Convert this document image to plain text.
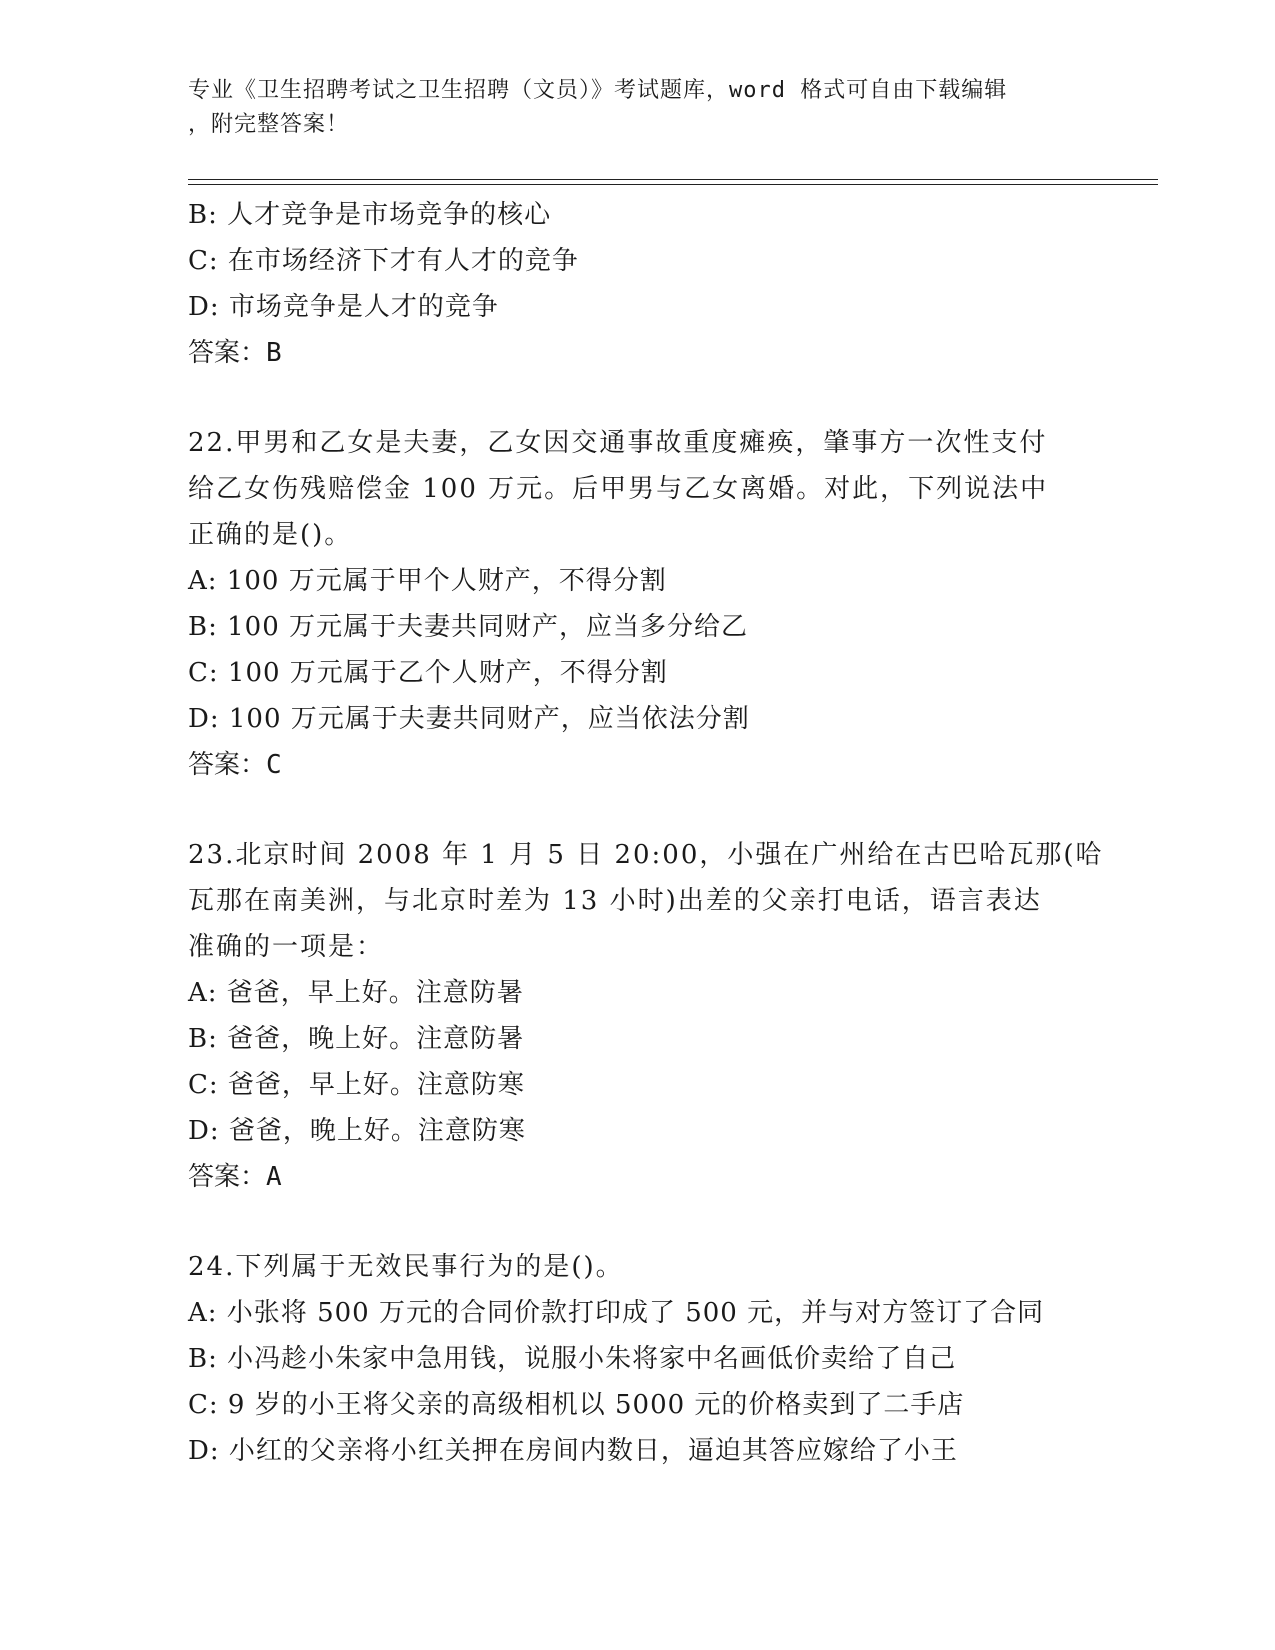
专业《卫生招聘考试之卫生招聘（文员）》考试题库，word 格式可自由下载编辑
，附完整答案！
B: 人才竞争是市场竞争的核心
C: 在市场经济下才有人才的竞争
D: 市场竞争是人才的竞争
答案：B
22.甲男和乙女是夫妻，乙女因交通事故重度瘫痪，肇事方一次性支付
给乙女伤残赔偿金 100 万元。后甲男与乙女离婚。对此，下列说法中
正确的是()。
A: 100 万元属于甲个人财产，不得分割
B: 100 万元属于夫妻共同财产，应当多分给乙
C: 100 万元属于乙个人财产，不得分割
D: 100 万元属于夫妻共同财产，应当依法分割
答案：C
23.北京时间 2008 年 1 月 5 日 20:00，小强在广州给在古巴哈瓦那(哈
瓦那在南美洲，与北京时差为 13 小时)出差的父亲打电话，语言表达
准确的一项是：
A: 爸爸，早上好。注意防暑
B: 爸爸，晚上好。注意防暑
C: 爸爸，早上好。注意防寒
D: 爸爸，晚上好。注意防寒
答案：A
24.下列属于无效民事行为的是()。
A: 小张将 500 万元的合同价款打印成了 500 元，并与对方签订了合同
B: 小冯趁小朱家中急用钱，说服小朱将家中名画低价卖给了自己
C: 9 岁的小王将父亲的高级相机以 5000 元的价格卖到了二手店
D: 小红的父亲将小红关押在房间内数日，逼迫其答应嫁给了小王
